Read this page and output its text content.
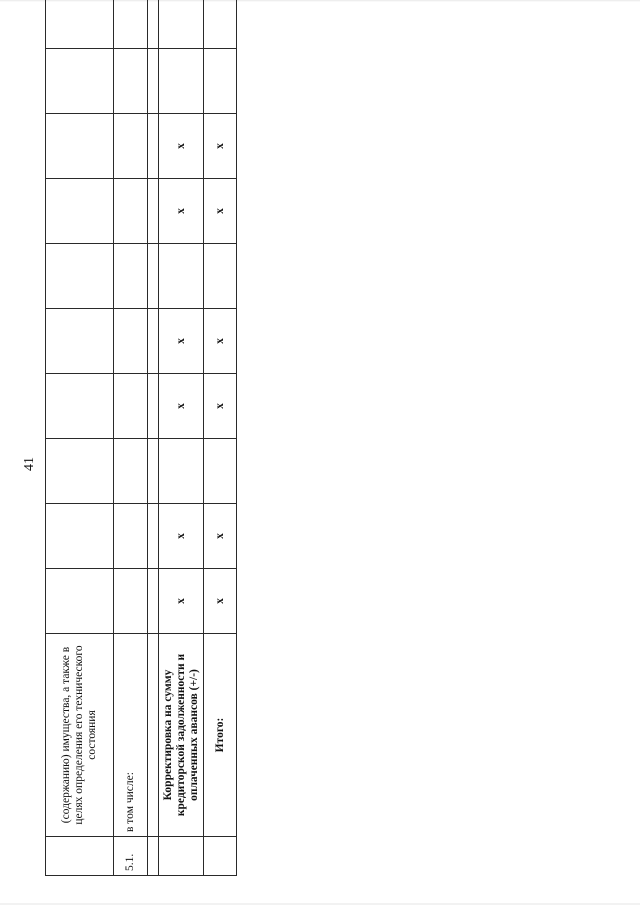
41
	(содержанию) имущества, а также в целях определения его технического состояния										
5.1.	в том числе:										

	Корректировка на сумму кредиторской задолженности и оплаченных авансов (+/-)	x	x		x	x		x	x		
	Итого:	x	x		x	x		x	x		
